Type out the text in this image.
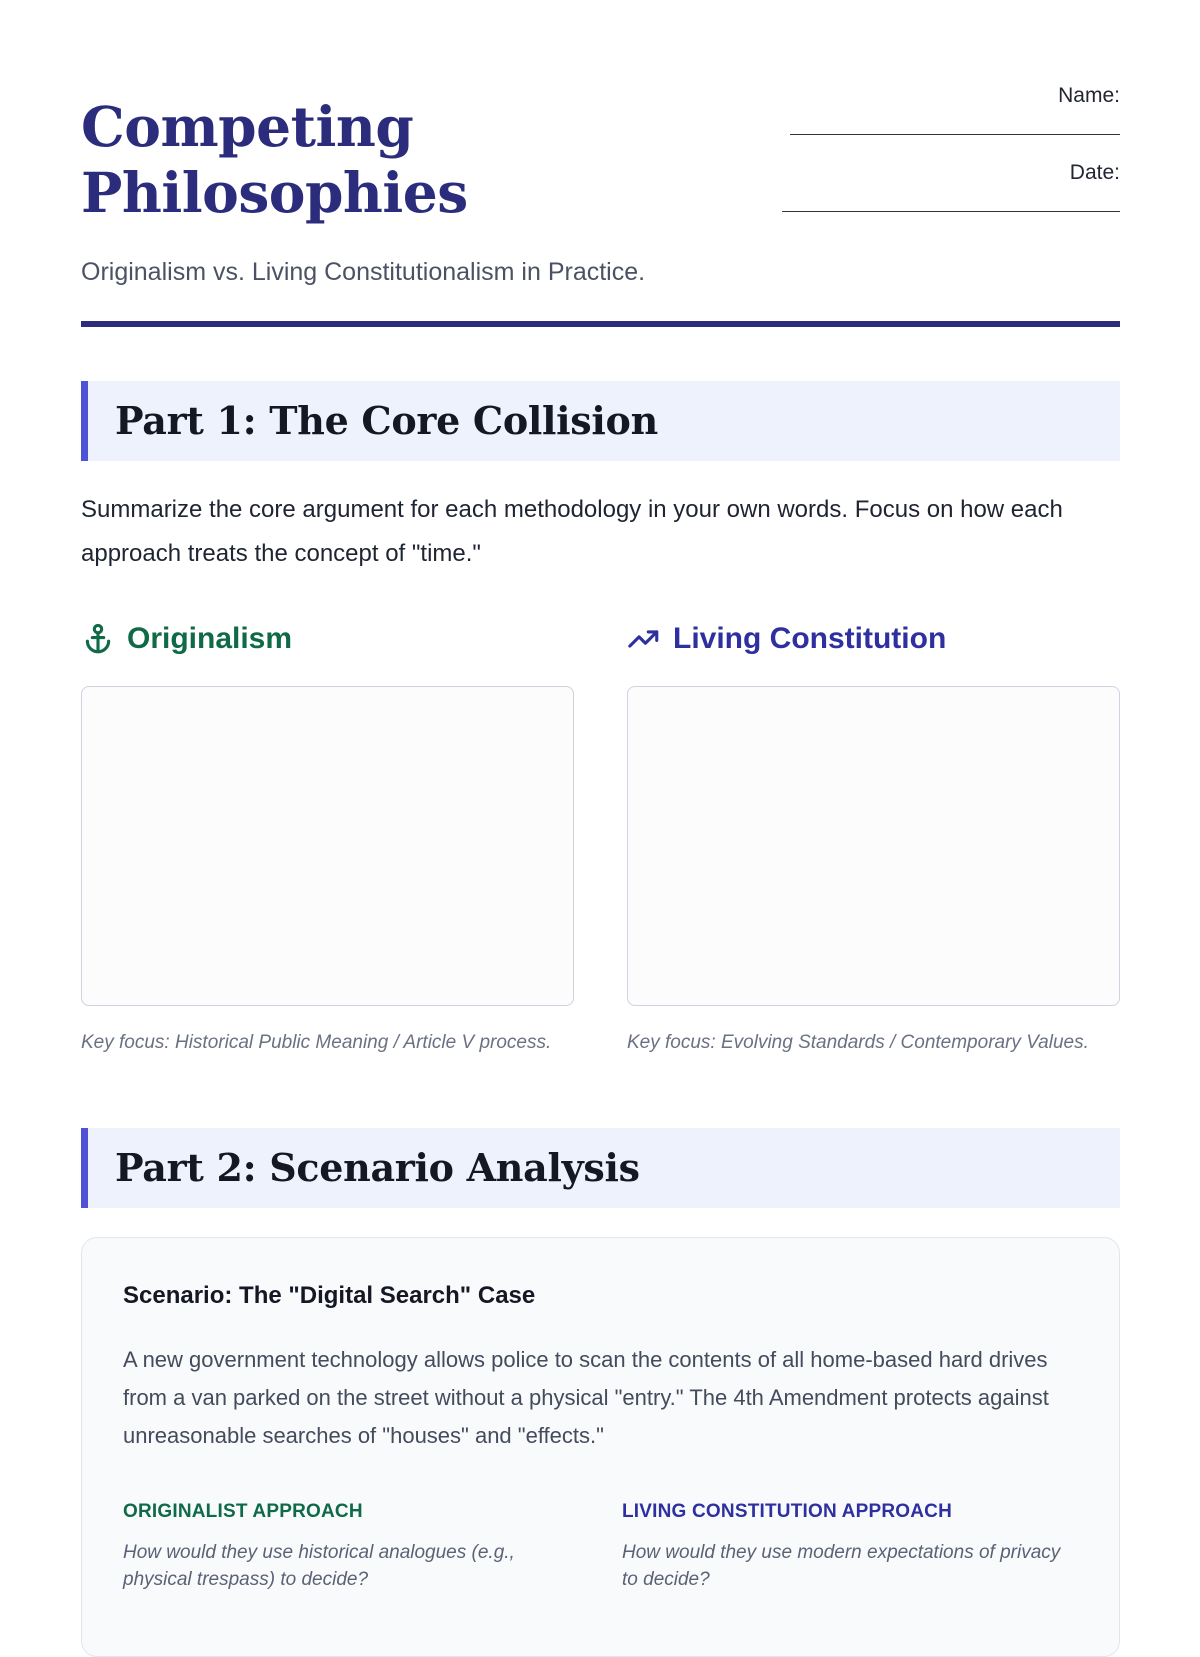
Competing
Philosophies
Originalism vs. Living Constitutionalism in Practice.
Name:
Date:
Part 1: The Core Collision
Summarize the core argument for each methodology in your own words. Focus on how each approach treats the concept of "time."
Originalism
Key focus: Historical Public Meaning / Article V process.
Living Constitution
Key focus: Evolving Standards / Contemporary Values.
Part 2: Scenario Analysis
Scenario: The "Digital Search" Case
A new government technology allows police to scan the contents of all home-based hard drives from a van parked on the street without a physical "entry." The 4th Amendment protects against unreasonable searches of "houses" and "effects."
ORIGINALIST APPROACH
How would they use historical analogues (e.g., physical trespass) to decide?
LIVING CONSTITUTION APPROACH
How would they use modern expectations of privacy to decide?
